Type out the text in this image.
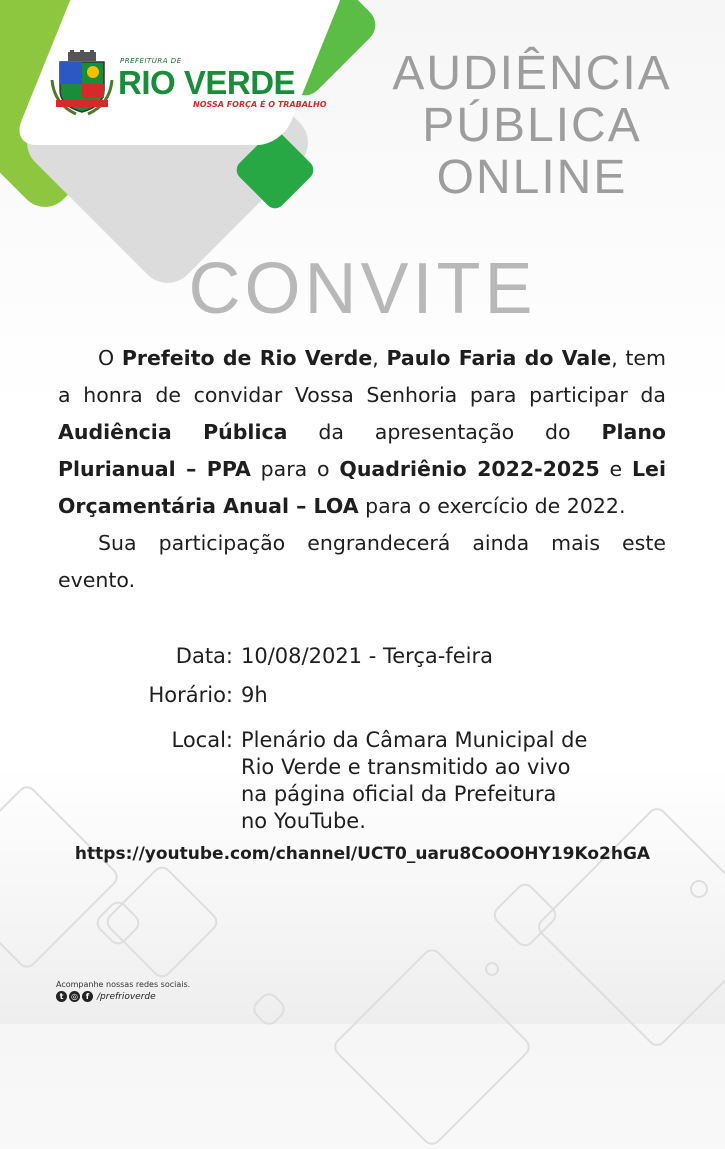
PREFEITURA DE
RIO VERDE
NOSSA FORÇA É O TRABALHO
AUDIÊNCIA
PÚBLICA
ONLINE
CONVITE

O Prefeito de Rio Verde, Paulo Faria do Vale, tem a honra de convidar Vossa Senhoria para participar da Audiência Pública da apresentação do Plano Plurianual – PPA para o Quadriênio 2022-2025 e Lei Orçamentária Anual – LOA para o exercício de 2022.

Sua participação engrandecerá ainda mais este evento.

Data: 10/08/2021 - Terça-feira
Horário: 9h
Local: Plenário da Câmara Municipal de
Rio Verde e transmitido ao vivo
na página oficial da Prefeitura
no YouTube.
https://youtube.com/channel/UCT0_uaru8CoOOHY19Ko2hGA
Acompanhe nossas redes sociais.
t ◎ f /prefrioverde
